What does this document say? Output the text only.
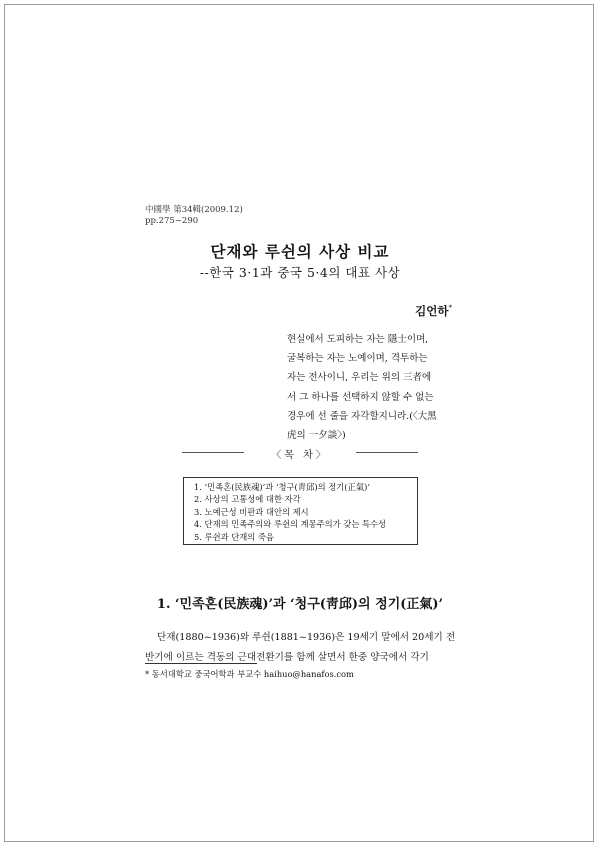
中國學 第34輯(2009.12)
pp.275~290
단재와 루쉰의 사상 비교
--한국 3·1과 중국 5·4의 대표 사상
김언하*
현실에서 도피하는 자는 隱士이며,
굴복하는 자는 노예이며, 격투하는
자는 전사이니, 우리는 위의 三者에
서 그 하나를 선택하지 않할 수 없는
경우에 선 줄을 자각할지니라.(〈大黑
虎의 一夕談〉)
〈목 차〉
1. ‘민족혼(民族魂)’과 ‘청구(靑邱)의 정기(正氣)’
2. 사상의 고통성에 대한 자각
3. 노예근성 비판과 대안의 제시
4. 단재의 민족주의와 루쉰의 계몽주의가 갖는 특수성
5. 루쉰과 단재의 죽음
1. ‘민족혼(民族魂)’과 ‘청구(靑邱)의 정기(正氣)’
단재(1880~1936)와 루쉰(1881~1936)은 19세기 말에서 20세기 전
반기에 이르는 격동의 근대전환기를 함께 살면서 한중 양국에서 각기
* 동서대학교 중국어학과 부교수 haihuo@hanafos.com
